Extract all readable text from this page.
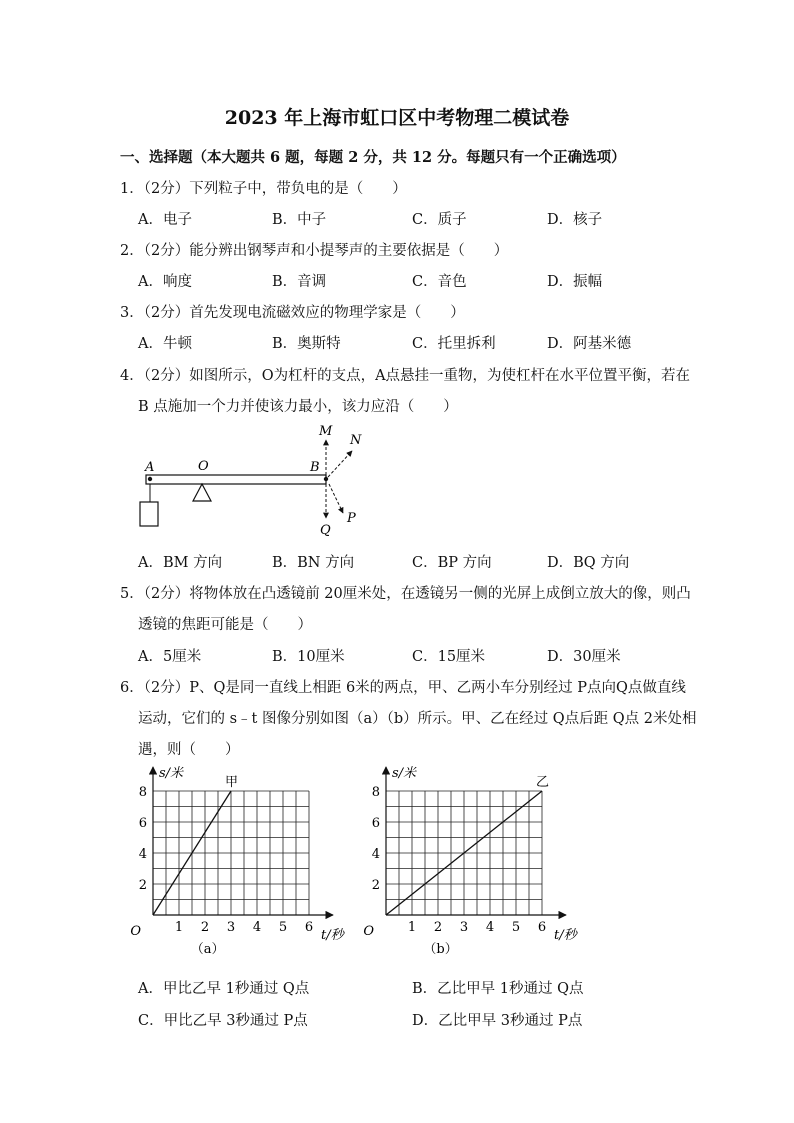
2023 年上海市虹口区中考物理二模试卷
一、选择题（本大题共 6 题，每题 2 分，共 12 分。每题只有一个正确选项）
1．（2分）下列粒子中，带负电的是（　　）
A．电子	B．中子	C．质子	D．核子
2．（2分）能分辨出钢琴声和小提琴声的主要依据是（　　）
A．响度	B．音调	C．音色	D．振幅
3．（2分）首先发现电流磁效应的物理学家是（　　）
A．牛顿	B．奥斯特	C．托里拆利	D．阿基米德
4．（2分）如图所示，O为杠杆的支点，A点悬挂一重物，为使杠杆在水平位置平衡，若在
B 点施加一个力并使该力最小，该力应沿（　　）
A	O	B
M
N
Q
P
A．BM 方向	B．BN 方向	C．BP 方向	D．BQ 方向
5．（2分）将物体放在凸透镜前 20厘米处，在透镜另一侧的光屏上成倒立放大的像，则凸
透镜的焦距可能是（　　）
A．5厘米	B．10厘米	C．15厘米	D．30厘米
6．（2分）P、Q是同一直线上相距 6米的两点，甲、乙两小车分别经过 P点向Q点做直线
运动，它们的 s﹣t 图像分别如图（a）（b）所示。甲、乙在经过 Q点后距 Q点 2米处相
遇，则（　　）
1 2 3 4 5 6
2
4
6
8
O	t/秒
s/米
甲
（a）
1 2 3 4 5 6
2
4
6
8
O	t/秒
s/米
乙
（b）
A．甲比乙早 1秒通过 Q点	B．乙比甲早 1秒通过 Q点
C．甲比乙早 3秒通过 P点	D．乙比甲早 3秒通过 P点
